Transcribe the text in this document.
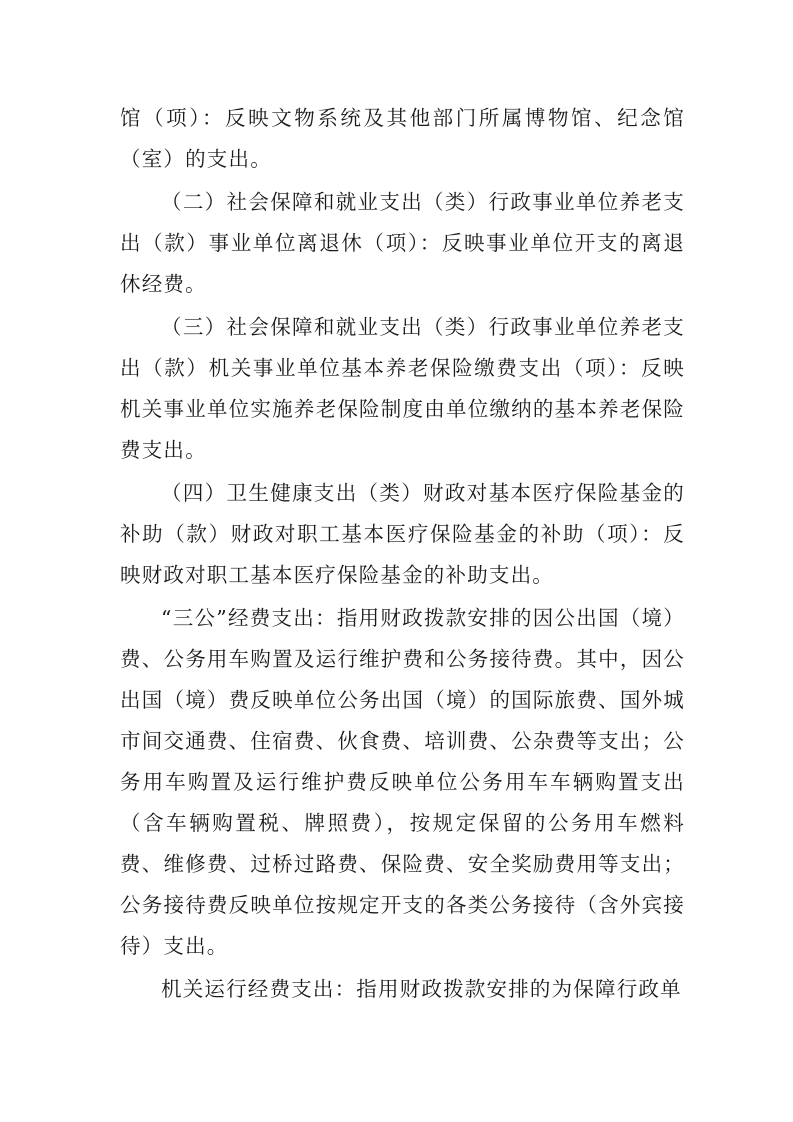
馆（项）：反映文物系统及其他部门所属博物馆、纪念馆（室）的支出。

（二）社会保障和就业支出（类）行政事业单位养老支出（款）事业单位离退休（项）：反映事业单位开支的离退休经费。

（三）社会保障和就业支出（类）行政事业单位养老支出（款）机关事业单位基本养老保险缴费支出（项）：反映机关事业单位实施养老保险制度由单位缴纳的基本养老保险费支出。

（四）卫生健康支出（类）财政对基本医疗保险基金的补助（款）财政对职工基本医疗保险基金的补助（项）：反映财政对职工基本医疗保险基金的补助支出。

“三公”经费支出：指用财政拨款安排的因公出国（境）费、公务用车购置及运行维护费和公务接待费。其中，因公出国（境）费反映单位公务出国（境）的国际旅费、国外城市间交通费、住宿费、伙食费、培训费、公杂费等支出；公务用车购置及运行维护费反映单位公务用车车辆购置支出（含车辆购置税、牌照费），按规定保留的公务用车燃料费、维修费、过桥过路费、保险费、安全奖励费用等支出；公务接待费反映单位按规定开支的各类公务接待（含外宾接待）支出。

机关运行经费支出：指用财政拨款安排的为保障行政单
